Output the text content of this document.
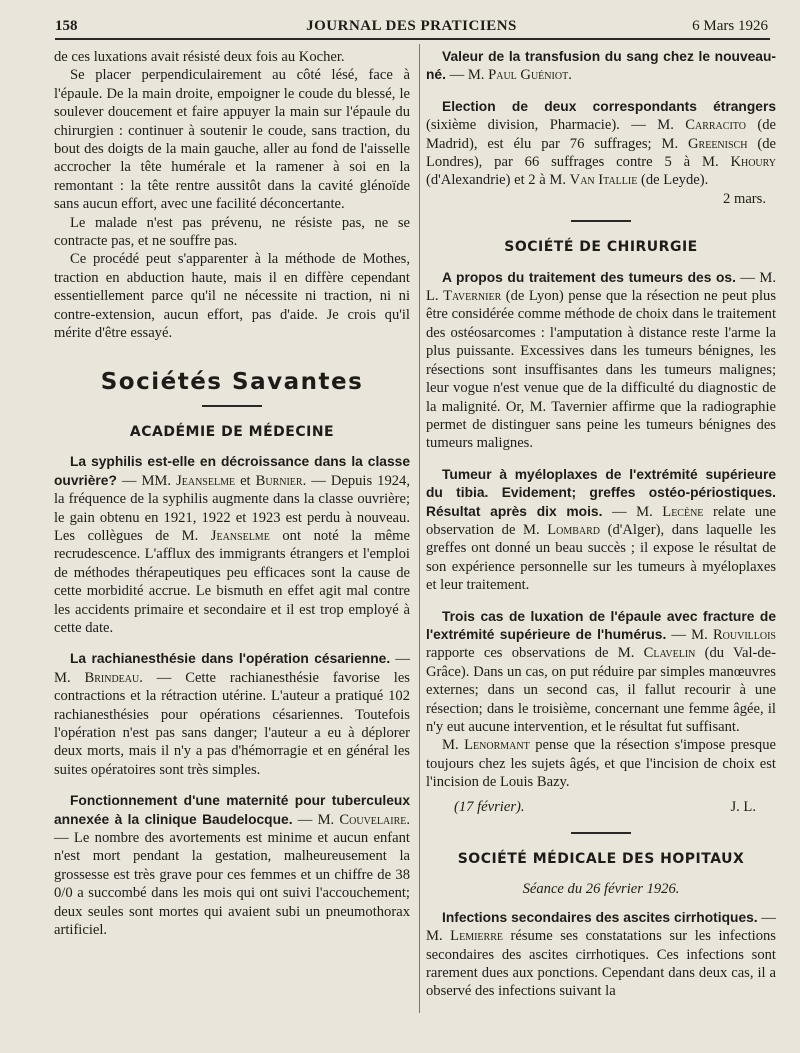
158	JOURNAL DES PRATICIENS	6 Mars 1926

de ces luxations avait résisté deux fois au Kocher.

Se placer perpendiculairement au côté lésé, face à l'épaule. De la main droite, empoigner le coude du blessé, le soulever doucement et faire appuyer la main sur l'épaule du chirurgien : continuer à soutenir le coude, sans traction, du bout des doigts de la main gauche, aller au fond de l'aisselle accrocher la tête humérale et la ramener à soi en la remontant : la tête rentre aussitôt dans la cavité glénoïde sans aucun effort, avec une facilité déconcertante.

Le malade n'est pas prévenu, ne résiste pas, ne se contracte pas, et ne souffre pas.

Ce procédé peut s'apparenter à la méthode de Mothes, traction en abduction haute, mais il en diffère cependant essentiellement parce qu'il ne nécessite ni traction, ni ni contre-extension, aucun effort, pas d'aide. Je crois qu'il mérite d'être essayé.

Sociétés Savantes
ACADÉMIE DE MÉDECINE

La syphilis est-elle en décroissance dans la classe ouvrière? — MM. Jeanselme et Burnier. — Depuis 1924, la fréquence de la syphilis augmente dans la classe ouvrière; le gain obtenu en 1921, 1922 et 1923 est perdu à nouveau. Les collègues de M. Jeanselme ont noté la même recrudescence. L'afflux des immigrants étrangers et l'emploi de méthodes thérapeutiques peu efficaces sont la cause de cette morbidité accrue. Le bismuth en effet agit mal contre les accidents primaire et secondaire et il est trop employé à cette date.

La rachianesthésie dans l'opération césarienne. — M. Brindeau. — Cette rachianesthésie favorise les contractions et la rétraction utérine. L'auteur a pratiqué 102 rachianesthésies pour opérations césariennes. Toutefois l'opération n'est pas sans danger; l'auteur a eu à déplorer deux morts, mais il n'y a pas d'hémorragie et en général les suites opératoires sont très simples.

Fonctionnement d'une maternité pour tuberculeux annexée à la clinique Baudelocque. — M. Couvelaire. — Le nombre des avortements est minime et aucun enfant n'est mort pendant la gestation, malheureusement la grossesse est très grave pour ces femmes et un chiffre de 38 0/0 a succombé dans les mois qui ont suivi l'accouchement; deux seules sont mortes qui avaient subi un pneumothorax artificiel.

Valeur de la transfusion du sang chez le nouveau-né. — M. Paul Guéniot.

Election de deux correspondants étrangers (sixième division, Pharmacie). — M. Carracito (de Madrid), est élu par 76 suffrages; M. Greenisch (de Londres), par 66 suffrages contre 5 à M. Khoury (d'Alexandrie) et 2 à M. Van Itallie (de Leyde).

2 mars.
SOCIÉTÉ DE CHIRURGIE

A propos du traitement des tumeurs des os. — M. L. Tavernier (de Lyon) pense que la résection ne peut plus être considérée comme méthode de choix dans le traitement des ostéosarcomes : l'amputation à distance reste l'arme la plus puissante. Excessives dans les tumeurs bénignes, les résections sont insuffisantes dans les tumeurs malignes; leur vogue n'est venue que de la difficulté du diagnostic de la malignité. Or, M. Tavernier affirme que la radiographie permet de distinguer sans peine les tumeurs bénignes des tumeurs malignes.

Tumeur à myéloplaxes de l'extrémité supérieure du tibia. Evidement; greffes ostéo-périostiques. Résultat après dix mois. — M. Lecène relate une observation de M. Lombard (d'Alger), dans laquelle les greffes ont donné un beau succès ; il expose le résultat de son expérience personnelle sur les tumeurs à myéloplaxes et leur traitement.

Trois cas de luxation de l'épaule avec fracture de l'extrémité supérieure de l'humérus. — M. Rouvillois rapporte ces observations de M. Clavelin (du Val-de-Grâce). Dans un cas, on put réduire par simples manœuvres externes; dans un second cas, il fallut recourir à une résection; dans le troisième, concernant une femme âgée, il n'y eut aucune intervention, et le résultat fut suffisant.

M. Lenormant pense que la résection s'impose presque toujours chez les sujets âgés, et que l'incision de choix est l'incision de Louis Bazy.

(17 février).	J. L.
SOCIÉTÉ MÉDICALE DES HOPITAUX
Séance du 26 février 1926.

Infections secondaires des ascites cirrhotiques. — M. Lemierre résume ses constatations sur les infections secondaires des ascites cirrhotiques. Ces infections sont rarement dues aux ponctions. Cependant dans deux cas, il a observé des infections suivant la
